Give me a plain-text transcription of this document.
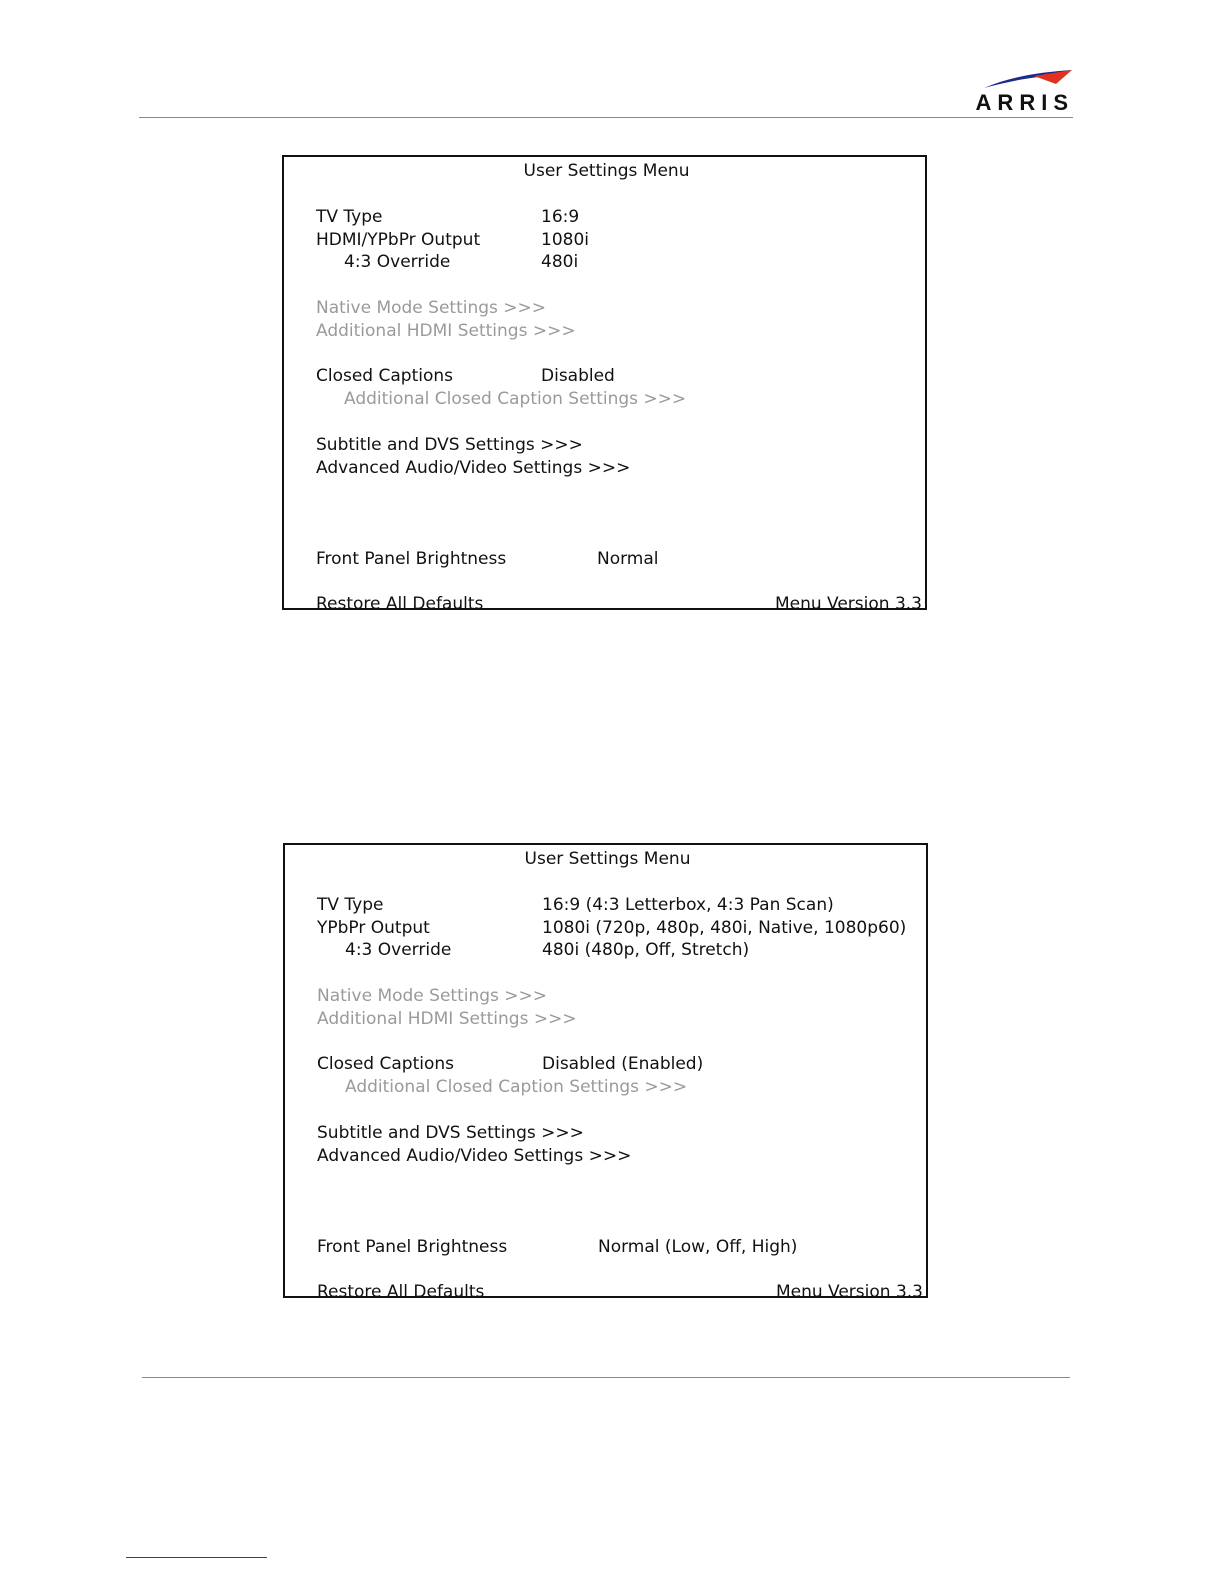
ARRIS
User Settings Menu
TV Type	16:9
HDMI/YPbPr Output	1080i
4:3 Override	480i
Native Mode Settings >>>
Additional HDMI Settings >>>
Closed Captions	Disabled
Additional Closed Caption Settings >>>
Subtitle and DVS Settings >>>
Advanced Audio/Video Settings >>>
Front Panel Brightness	Normal
Restore All Defaults	Menu Version 3.3
User Settings Menu
TV Type	16:9 (4:3 Letterbox, 4:3 Pan Scan)
YPbPr Output	1080i (720p, 480p, 480i, Native, 1080p60)
4:3 Override	480i (480p, Off, Stretch)
Native Mode Settings >>>
Additional HDMI Settings >>>
Closed Captions	Disabled (Enabled)
Additional Closed Caption Settings >>>
Subtitle and DVS Settings >>>
Advanced Audio/Video Settings >>>
Front Panel Brightness	Normal (Low, Off, High)
Restore All Defaults	Menu Version 3.3
